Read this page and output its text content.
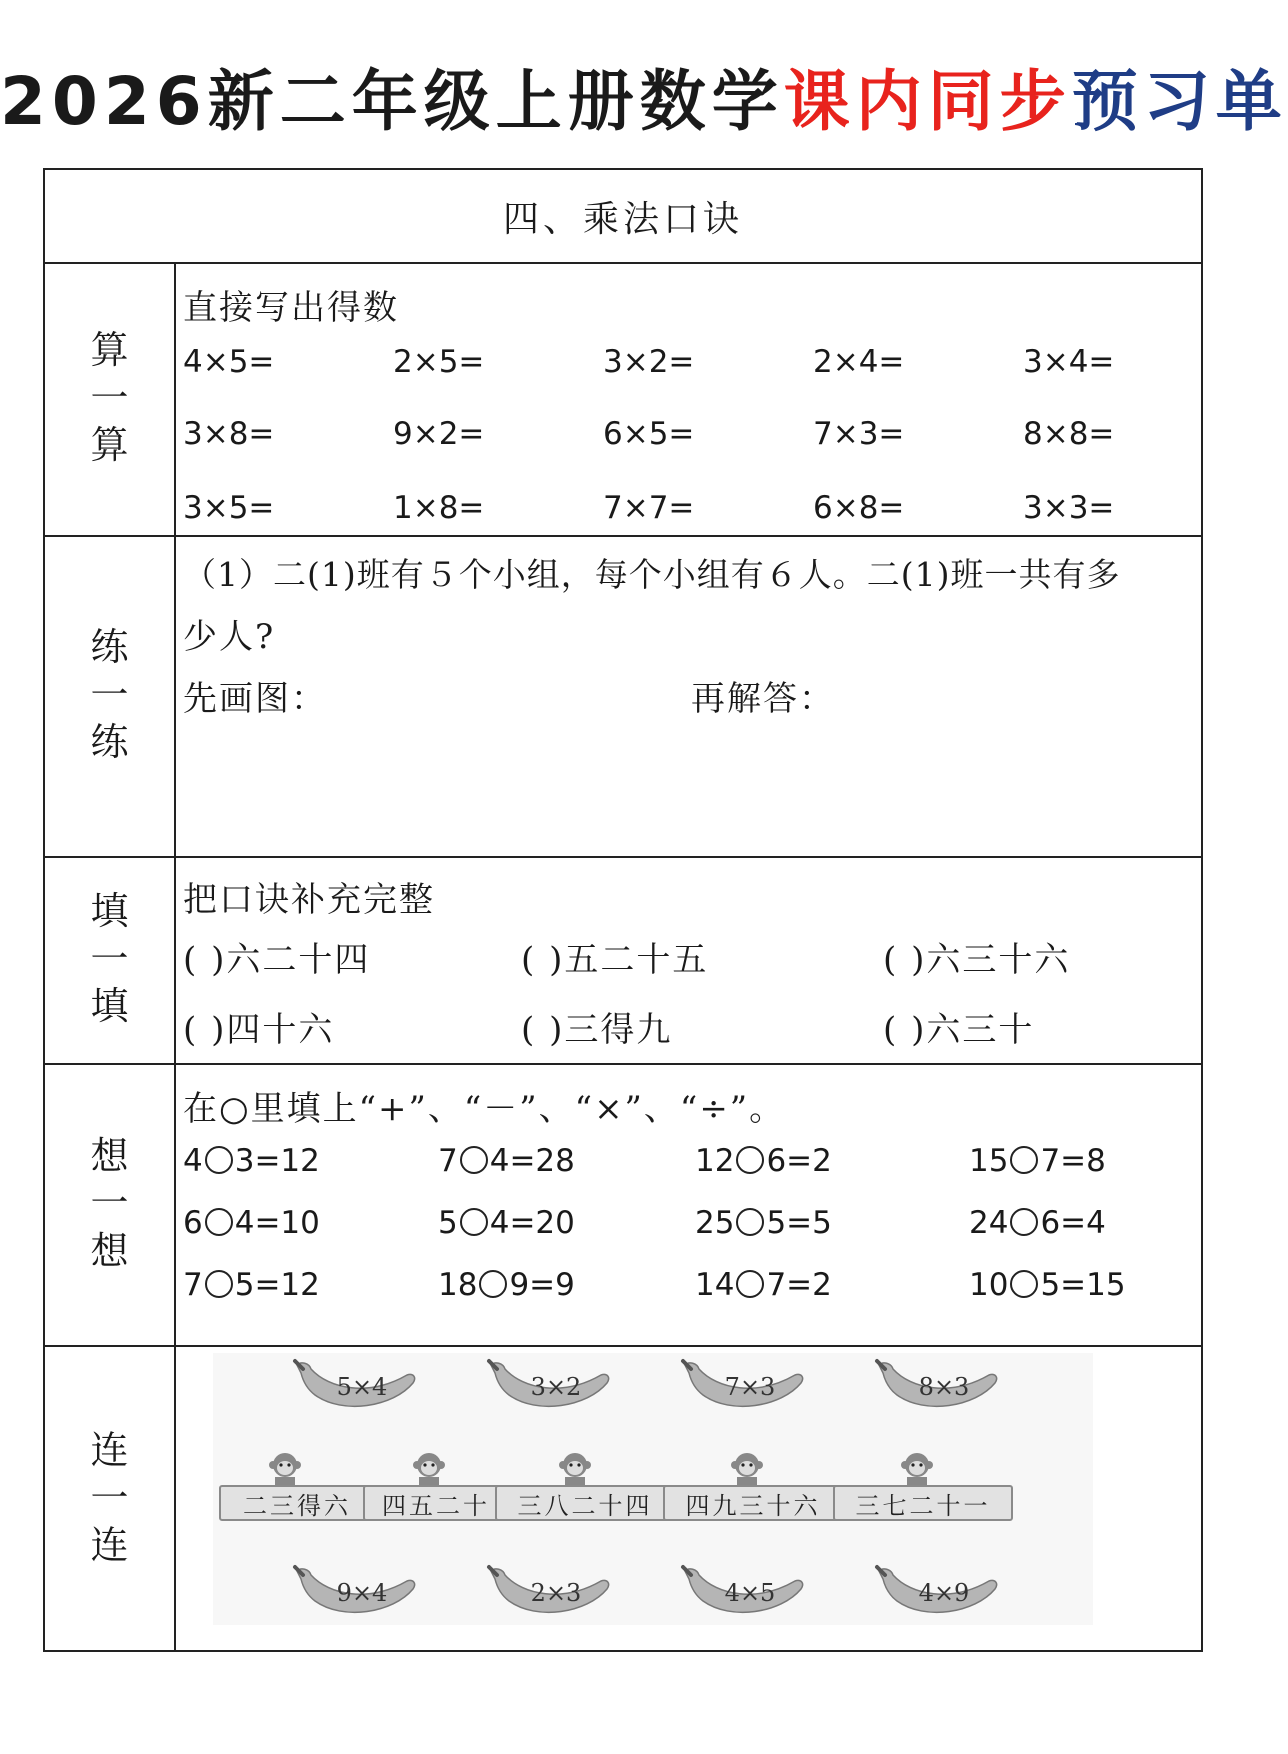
2026新二年级上册数学课内同步预习单
四、乘法口诀
算
一
算
直接写出得数
4×5=	2×5=	3×2=	2×4=	3×4=
3×8=	9×2=	6×5=	7×3=	8×8=
3×5=	1×8=	7×7=	6×8=	3×3=
练
一
练
（1）二(1)班有５个小组，每个小组有６人。二(1)班一共有多
少人?
先画图：	再解答：
填
一
填
把口诀补充完整
( )六二十四	( )五二十五	( )六三十六
( )四十六	( )三得九	( )六三十
想
一
想
在○里填上“+”、“－”、“×”、“÷”。
4 3=12	7 4=28	12 6=2	15 7=8
6 4=10	5 4=20	25 5=5	24 6=4
7 5=12	18 9=9	14 7=2	10 5=15
连
一
连
5×4	3×2	7×3	8×3
二三得六	四五二十	三八二十四	四九三十六	三七二十一
9×4	2×3	4×5	4×9
